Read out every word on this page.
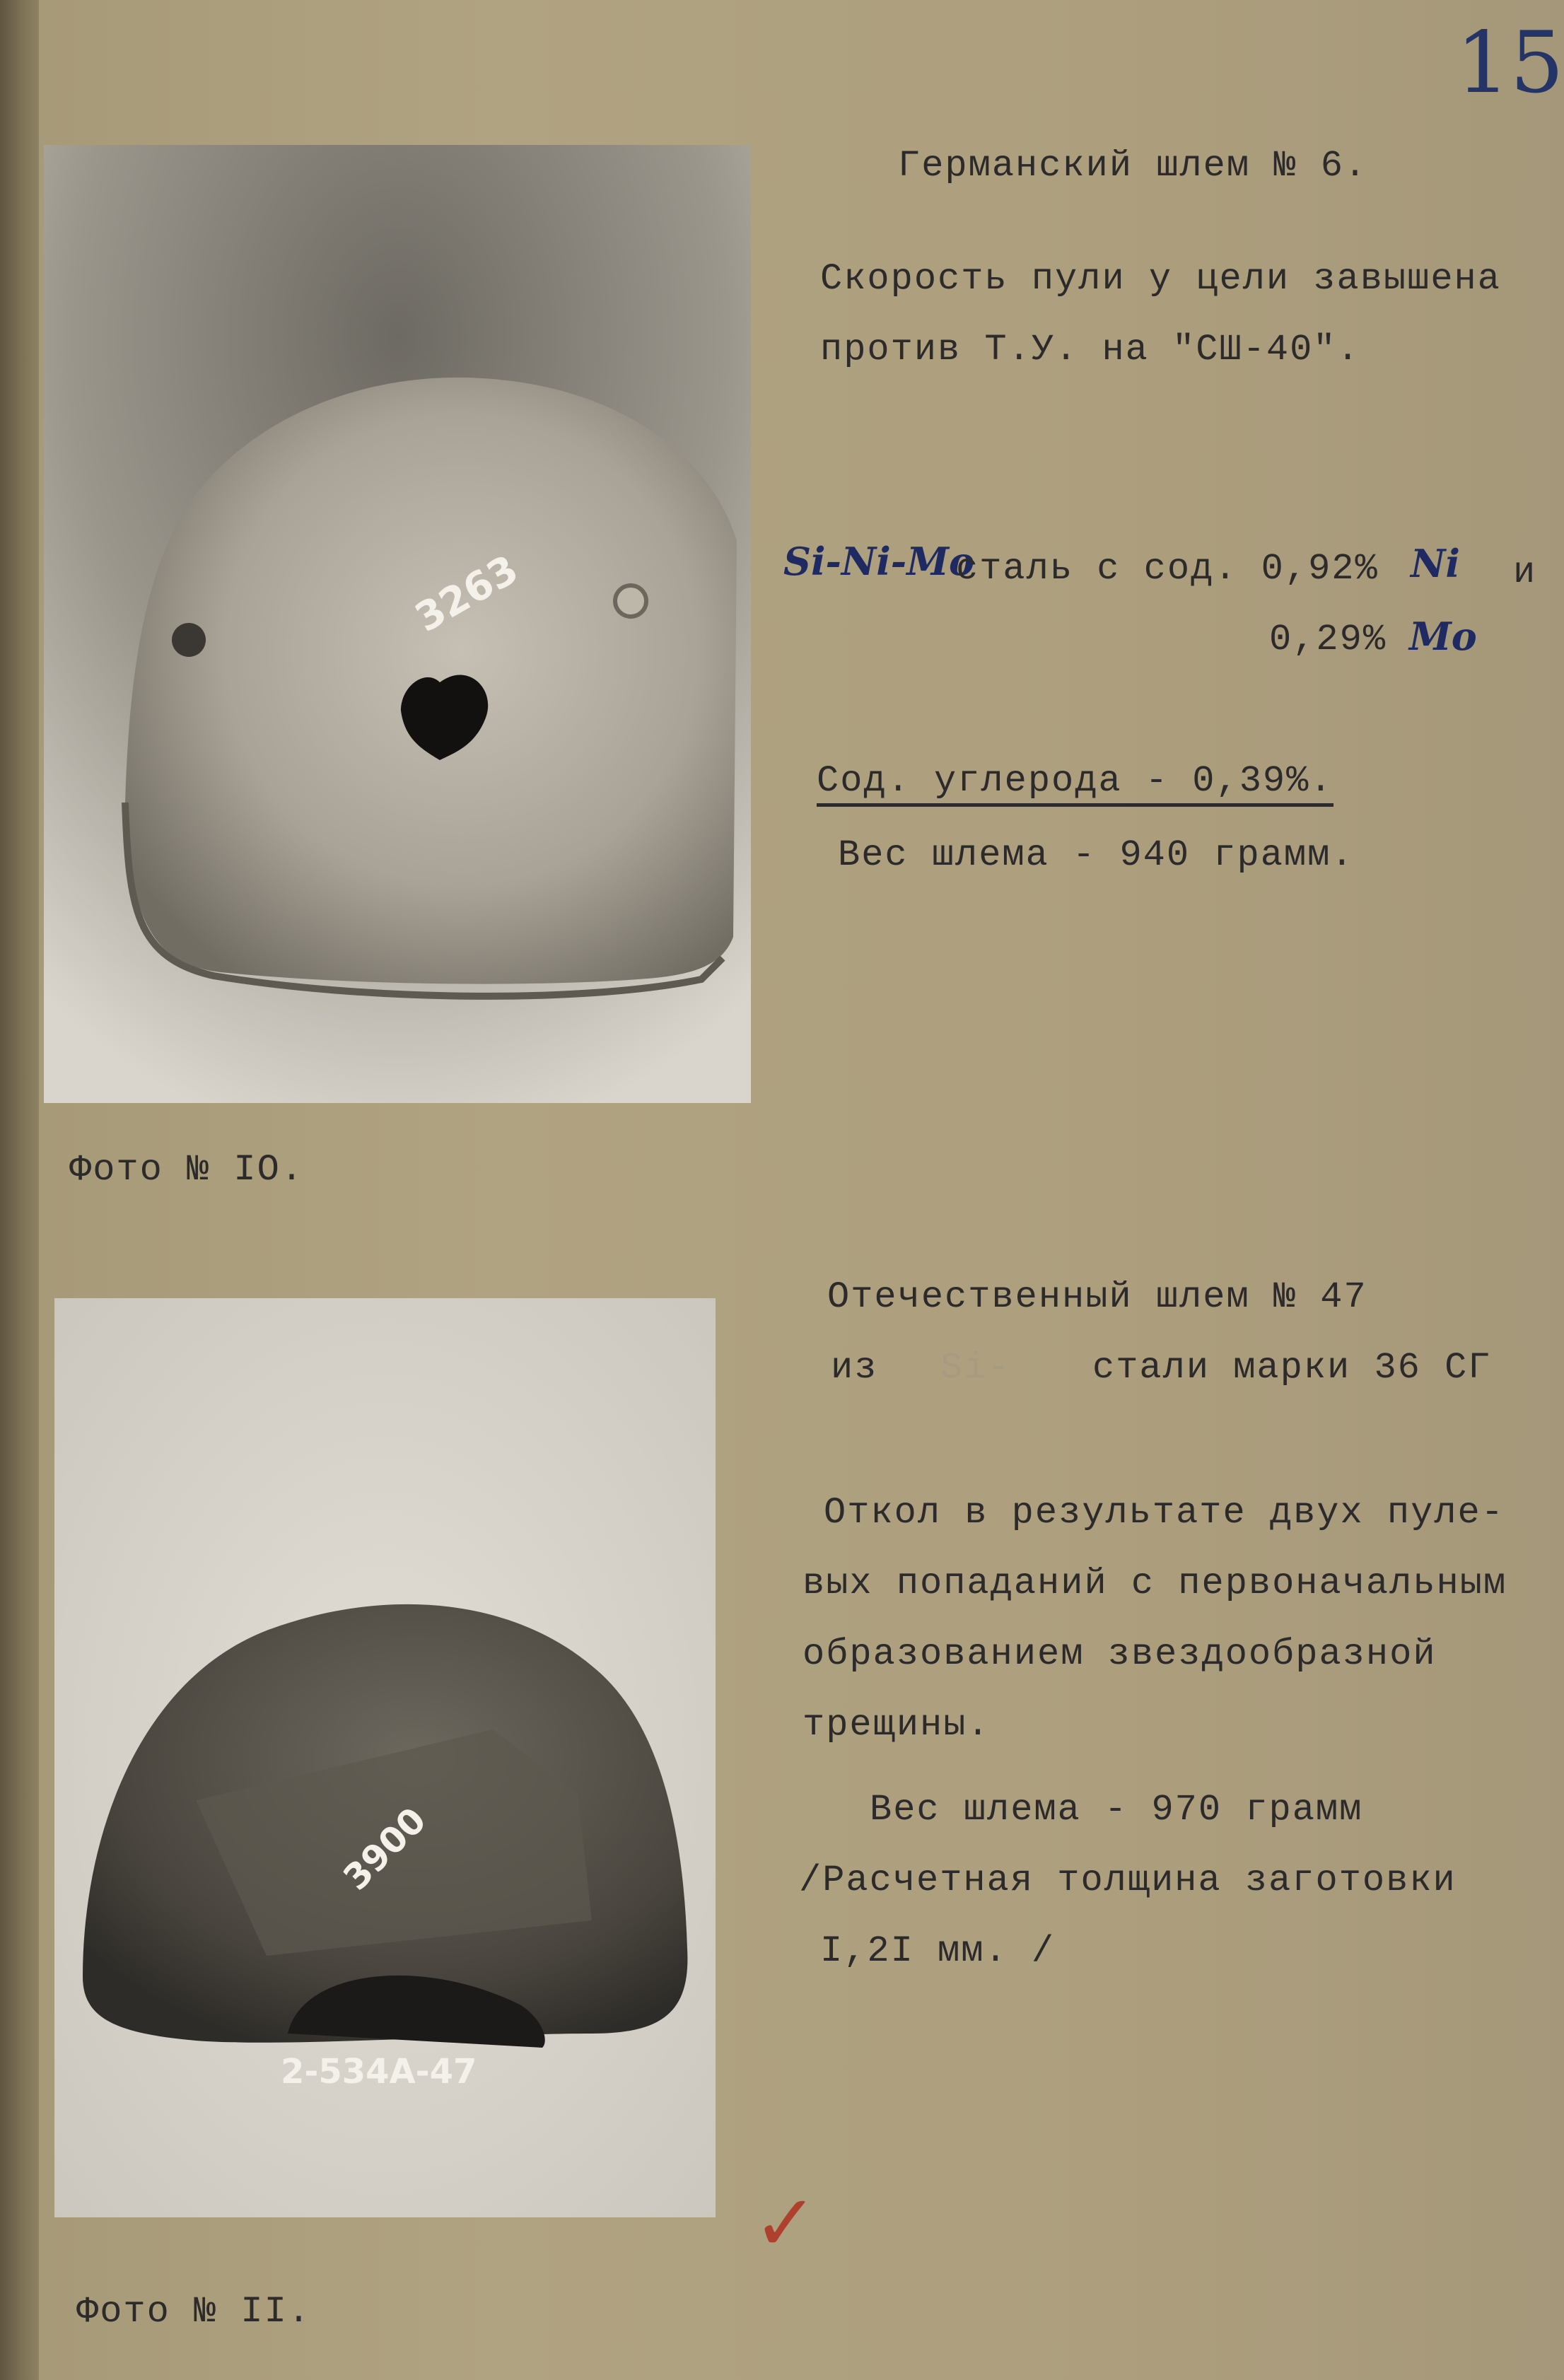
15
3263
Фото № IO.
3900
2-534А-47
Фото № II.
Германский шлем № 6.
Скорость пули у цели завышена
против Т.У. на "СШ-40".
Si-Ni-Mo
сталь с сод. 0,92% Ni и
0,29% Mo
Сод. углерода - 0,39%.
Вес шлема - 940 грамм.
Отечественный шлем № 47
из Si- стали марки 36 СГ
Откол в результате двух пуле-
вых попаданий с первоначальным
образованием звездообразной
трещины.
Вес шлема - 970 грамм
/Расчетная толщина заготовки
I,2I мм. /
✓
